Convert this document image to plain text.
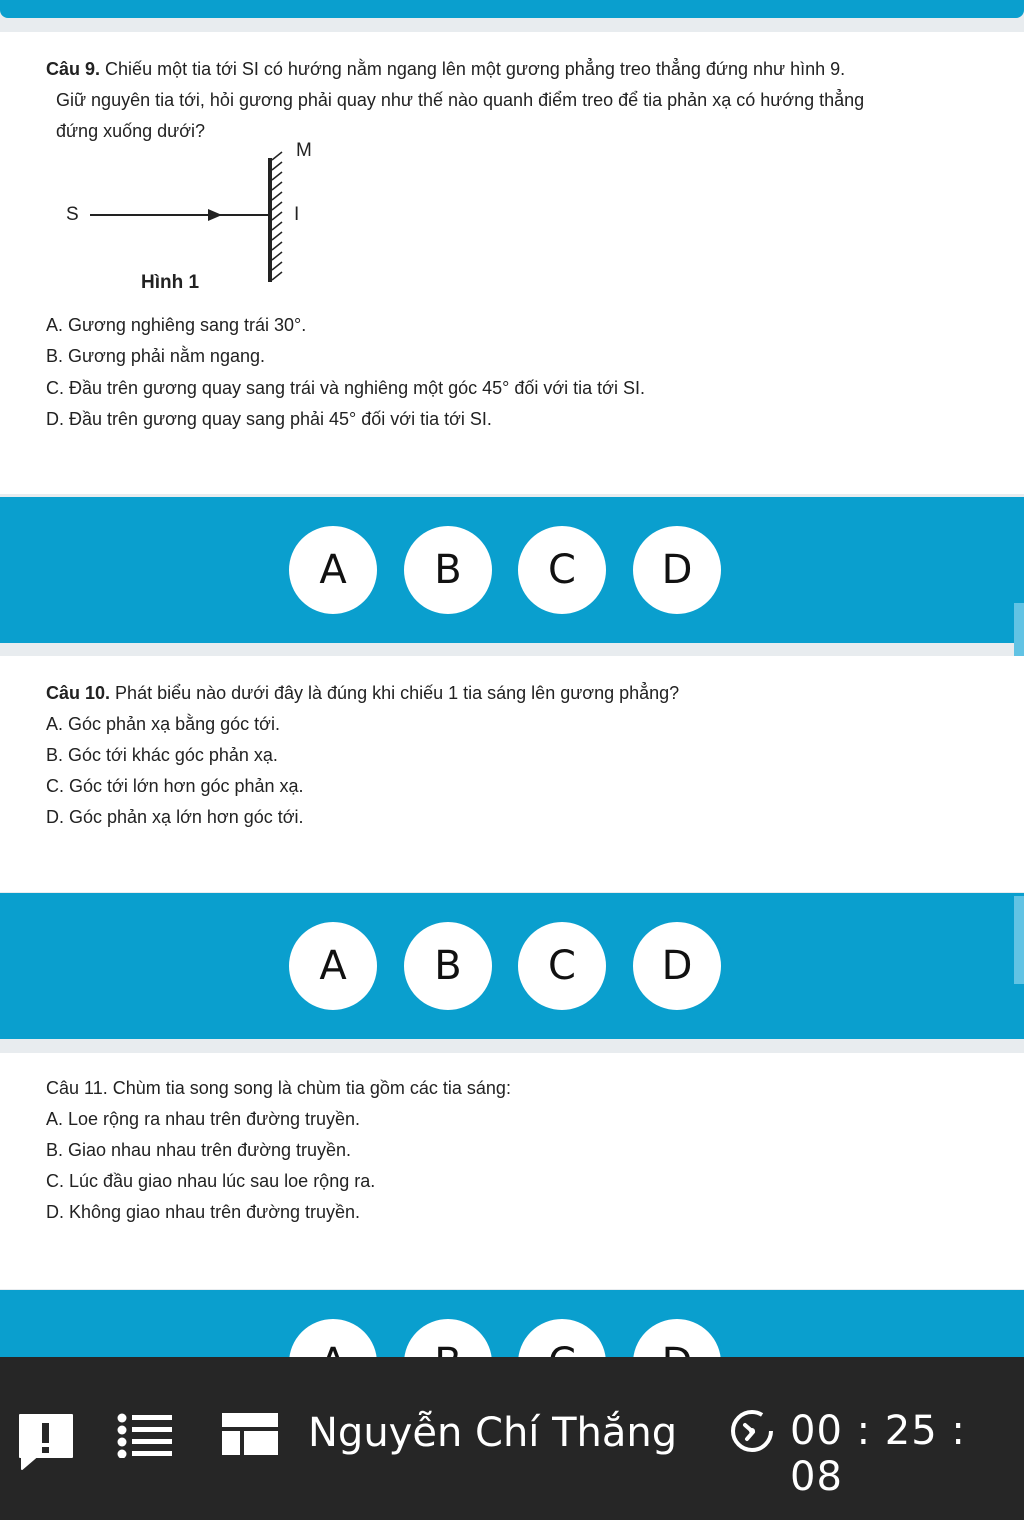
Câu 9. Chiếu một tia tới SI có hướng nằm ngang lên một gương phẳng treo thẳng đứng như hình 9.
Giữ nguyên tia tới, hỏi gương phải quay như thế nào quanh điểm treo để tia phản xạ có hướng thẳng
đứng xuống dưới?
S	I
M
Hình 1
A. Gương nghiêng sang trái 30°.
B. Gương phải nằm ngang.
C. Đầu trên gương quay sang trái và nghiêng một góc 45° đối với tia tới SI.
D. Đầu trên gương quay sang phải 45° đối với tia tới SI.
A	B	C	D
Câu 10. Phát biểu nào dưới đây là đúng khi chiếu 1 tia sáng lên gương phẳng?
A. Góc phản xạ bằng góc tới.
B. Góc tới khác góc phản xạ.
C. Góc tới lớn hơn góc phản xạ.
D. Góc phản xạ lớn hơn góc tới.
A	B	C	D
Câu 11. Chùm tia song song là chùm tia gồm các tia sáng:
A. Loe rộng ra nhau trên đường truyền.
B. Giao nhau nhau trên đường truyền.
C. Lúc đầu giao nhau lúc sau loe rộng ra.
D. Không giao nhau trên đường truyền.
Nguyễn Chí Thắng	00 : 25 : 08
